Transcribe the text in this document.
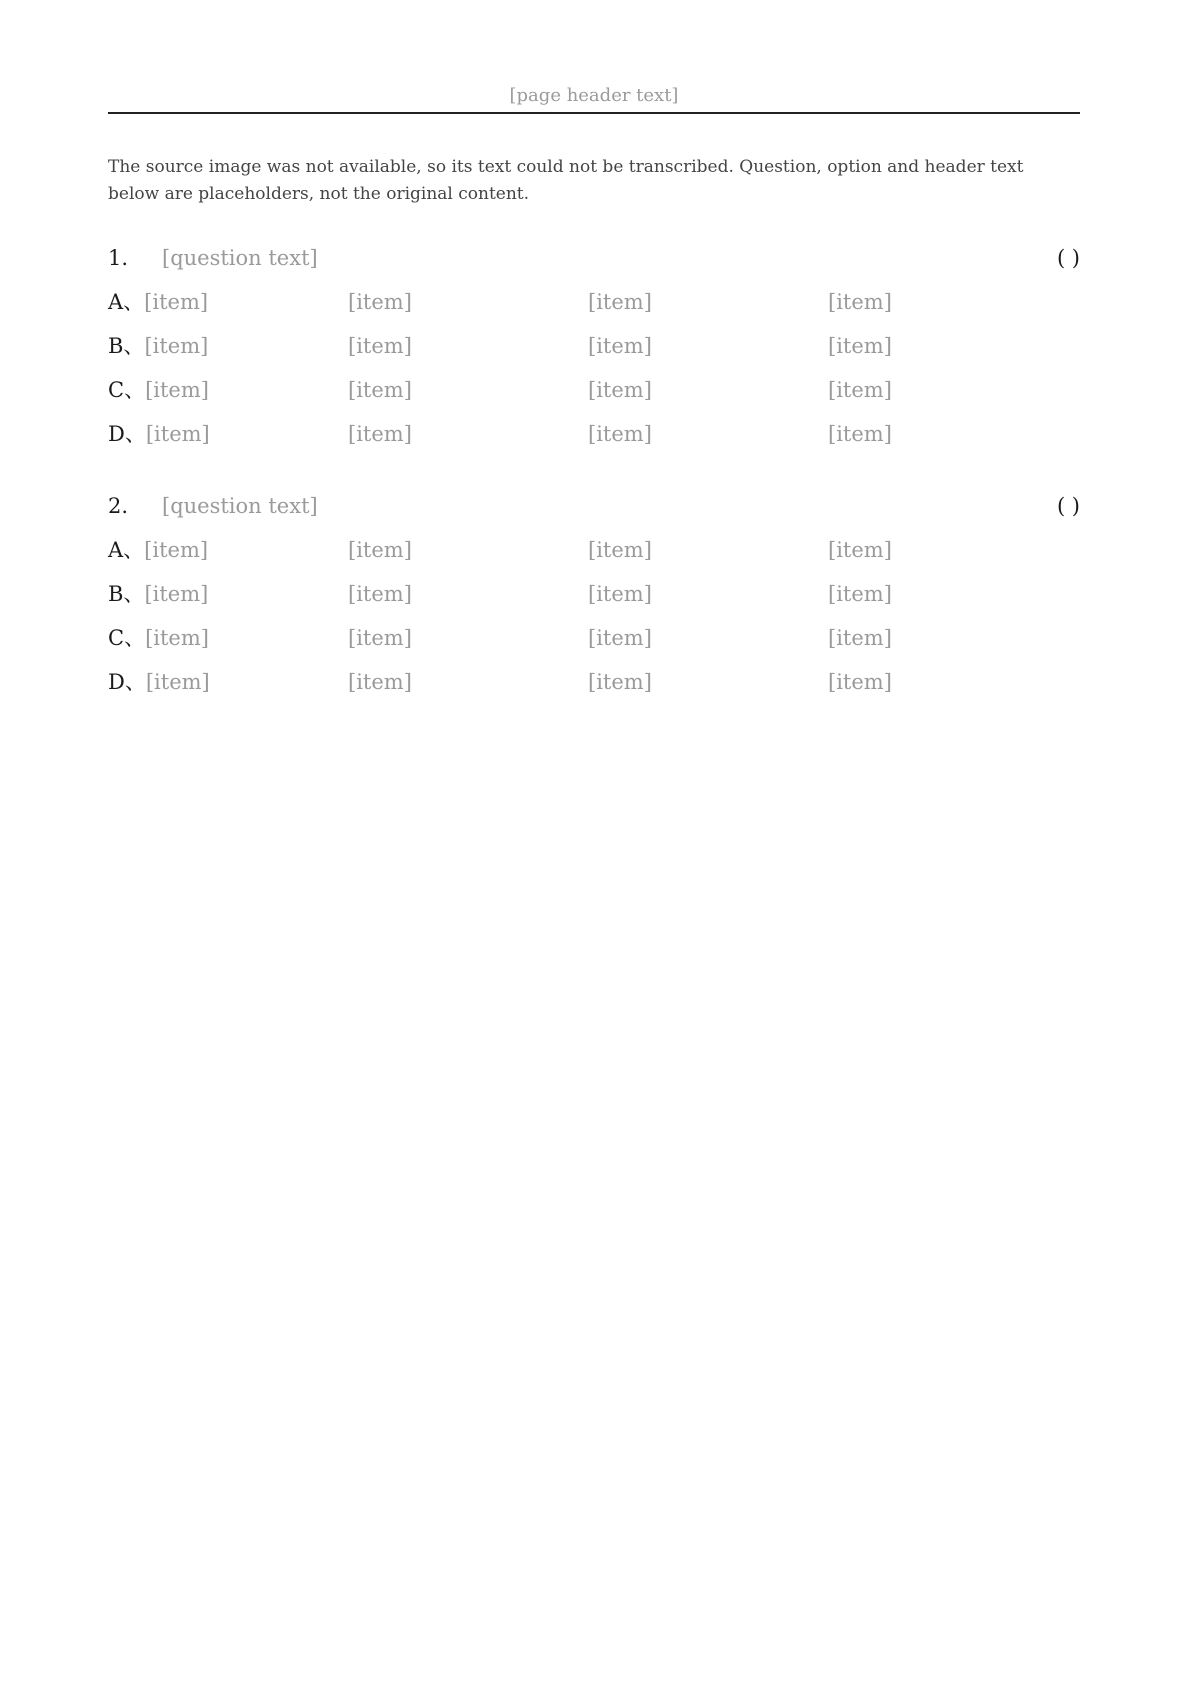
[page header text]
The source image was not available, so its text could not be transcribed. Question, option and header text below are placeholders, not the original content.
1.	[question text]	( )
A、[item]	[item]	[item]	[item]
B、[item]	[item]	[item]	[item]
C、[item]	[item]	[item]	[item]
D、[item]	[item]	[item]	[item]
2.	[question text]	( )
A、[item]	[item]	[item]	[item]
B、[item]	[item]	[item]	[item]
C、[item]	[item]	[item]	[item]
D、[item]	[item]	[item]	[item]
